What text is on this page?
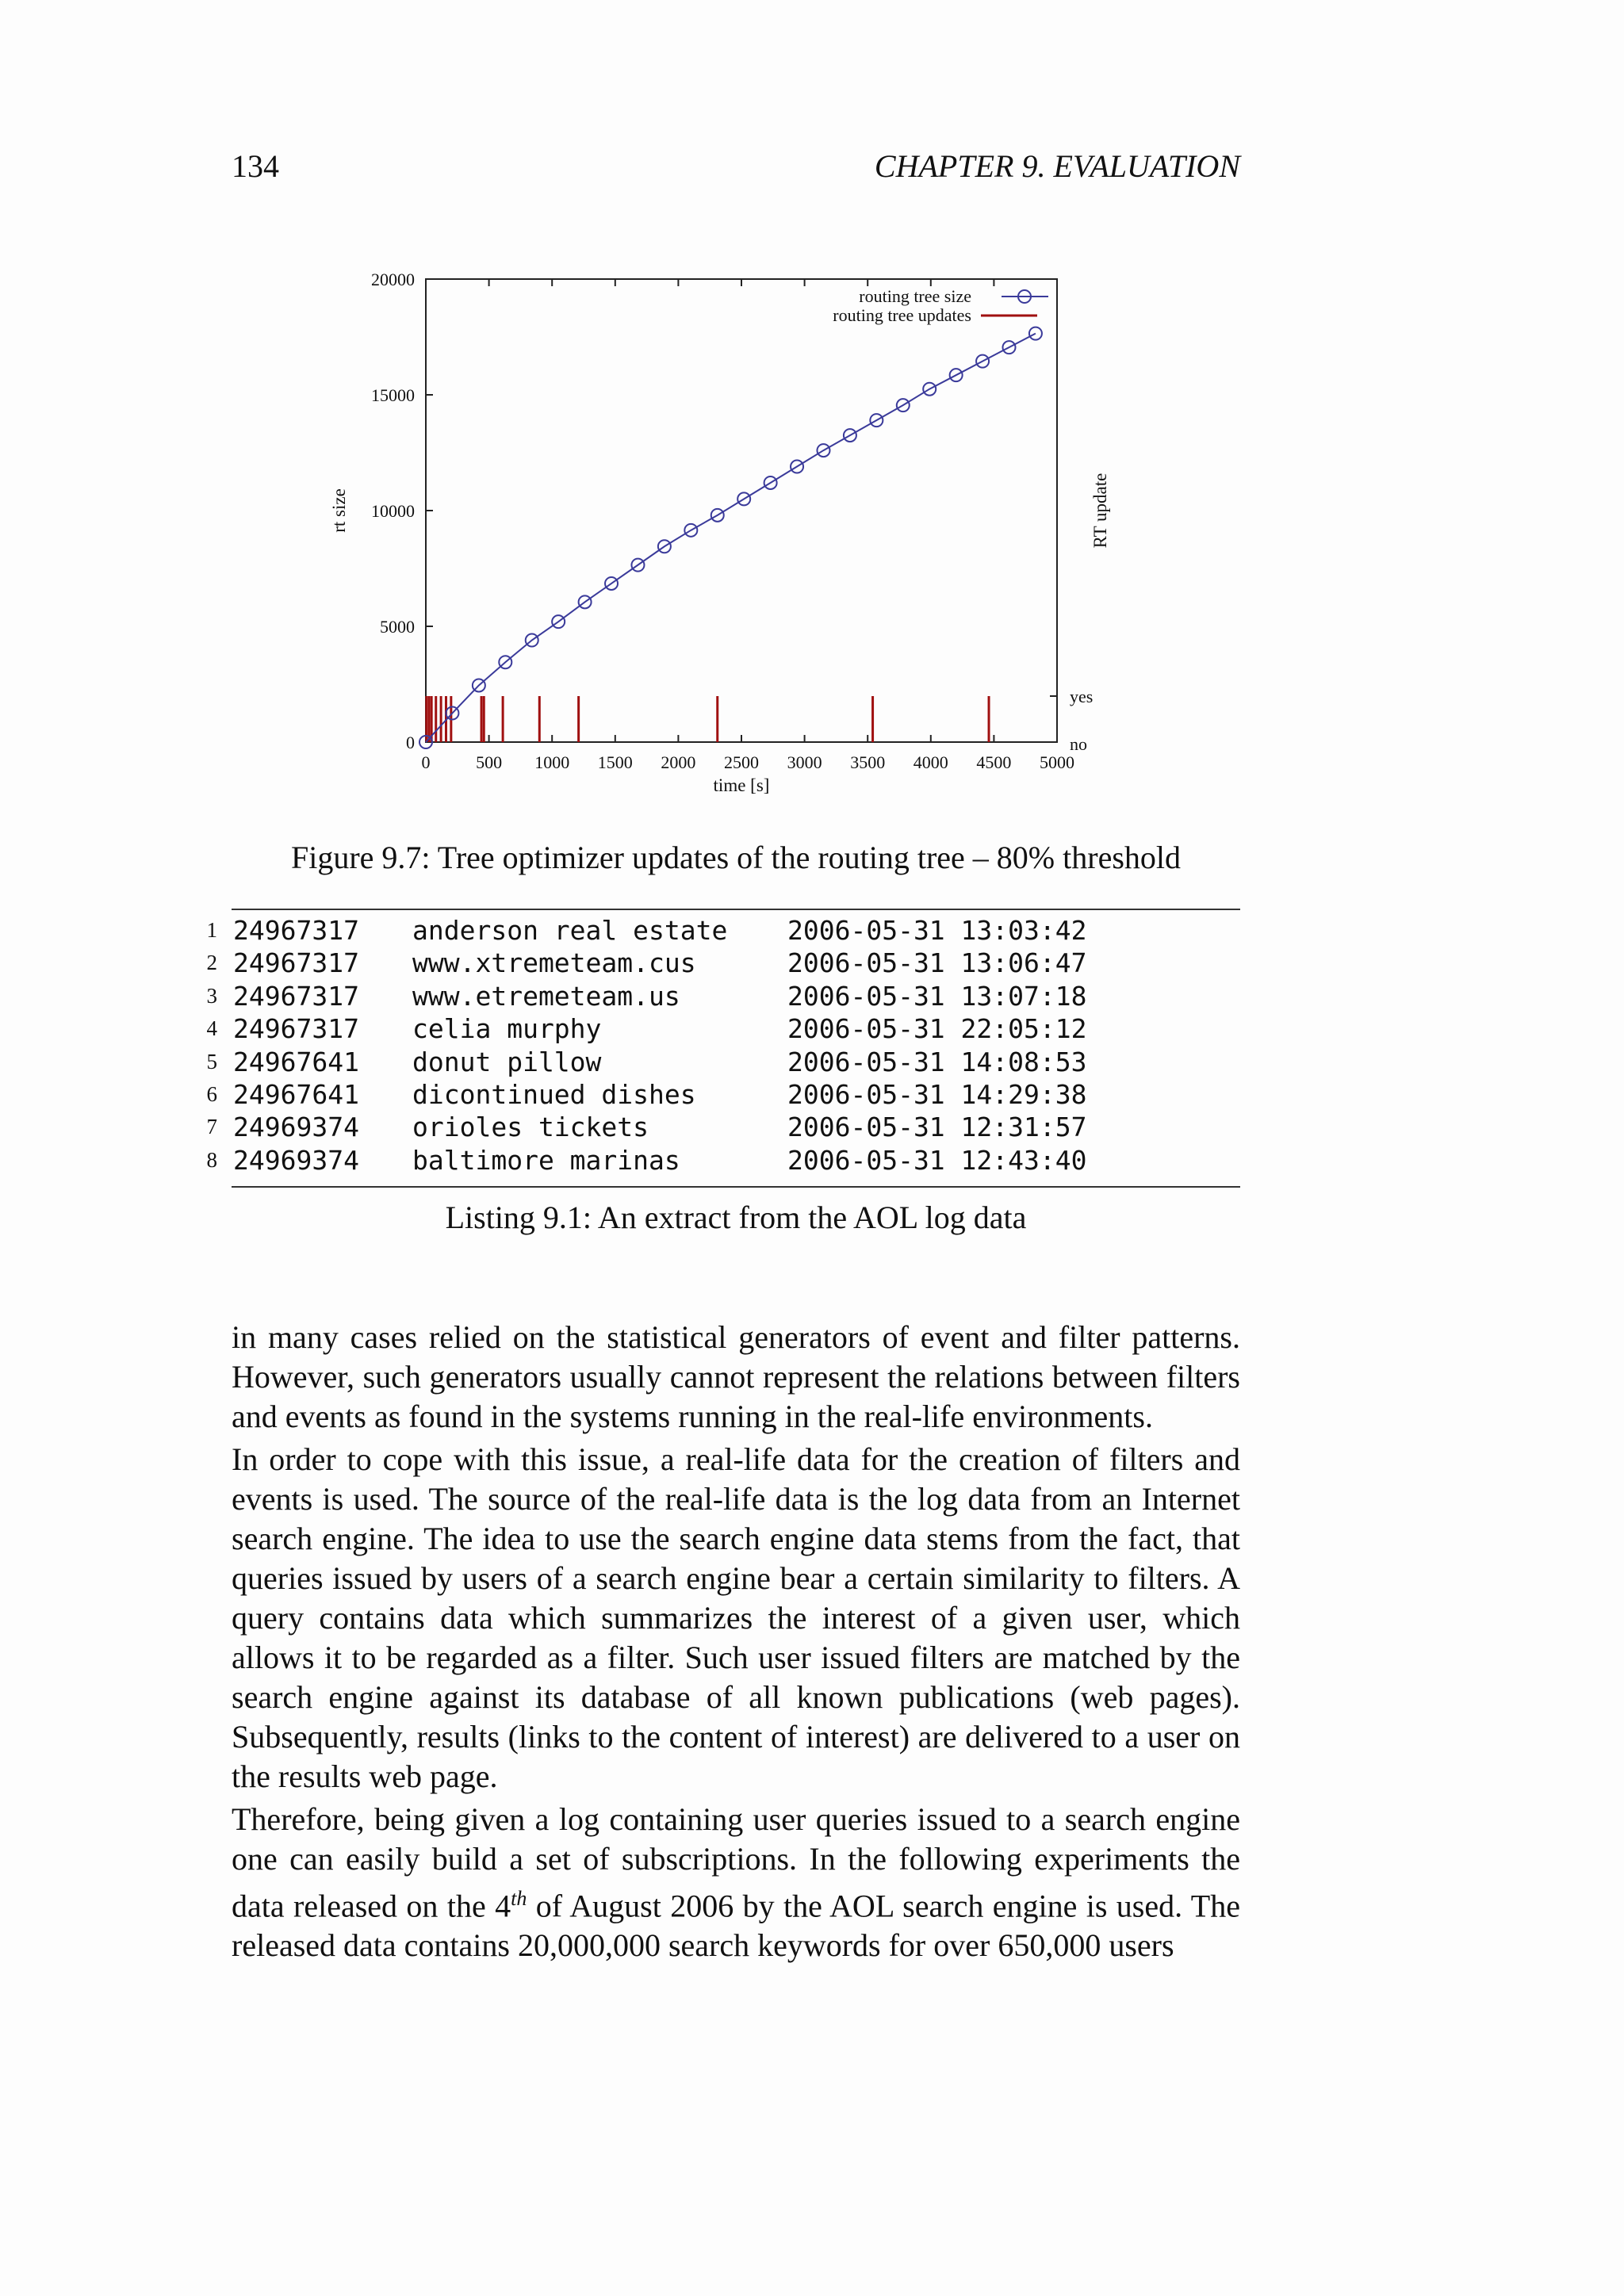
134	CHAPTER 9. EVALUATION
0	500 1000 1500 2000 2500 3000 3500 4000 4500 5000
0
5000
10000
15000
20000
no
yes
time [s]
rt size	RT update
routing tree size
routing tree updates
Figure 9.7: Tree optimizer updates of the routing tree – 80% threshold
1 24967317 anderson real estate 2006-05-31 13:03:42
2 24967317 www.xtremeteam.cus	2006-05-31 13:06:47
3 24967317 www.etremeteam.us	2006-05-31 13:07:18
4 24967317 celia murphy	2006-05-31 22:05:12
5 24967641 donut pillow	2006-05-31 14:08:53
6 24967641 dicontinued dishes	2006-05-31 14:29:38
7 24969374 orioles tickets	2006-05-31 12:31:57
8 24969374 baltimore marinas	2006-05-31 12:43:40
Listing 9.1: An extract from the AOL log data

in many cases relied on the statistical generators of event and filter patterns. However, such generators usually cannot represent the relations between filters and events as found in the systems running in the real-life environments.

In order to cope with this issue, a real-life data for the creation of filters and events is used. The source of the real-life data is the log data from an Internet search engine. The idea to use the search engine data stems from the fact, that queries issued by users of a search engine bear a certain similarity to filters. A query contains data which summarizes the interest of a given user, which allows it to be regarded as a filter. Such user issued filters are matched by the search engine against its database of all known publications (web pages). Subsequently, results (links to the content of interest) are delivered to a user on the results web page.

Therefore, being given a log containing user queries issued to a search engine one can easily build a set of subscriptions. In the following experiments the data released on the 4th of August 2006 by the AOL search engine is used. The released data contains 20,000,000 search keywords for over 650,000 users
